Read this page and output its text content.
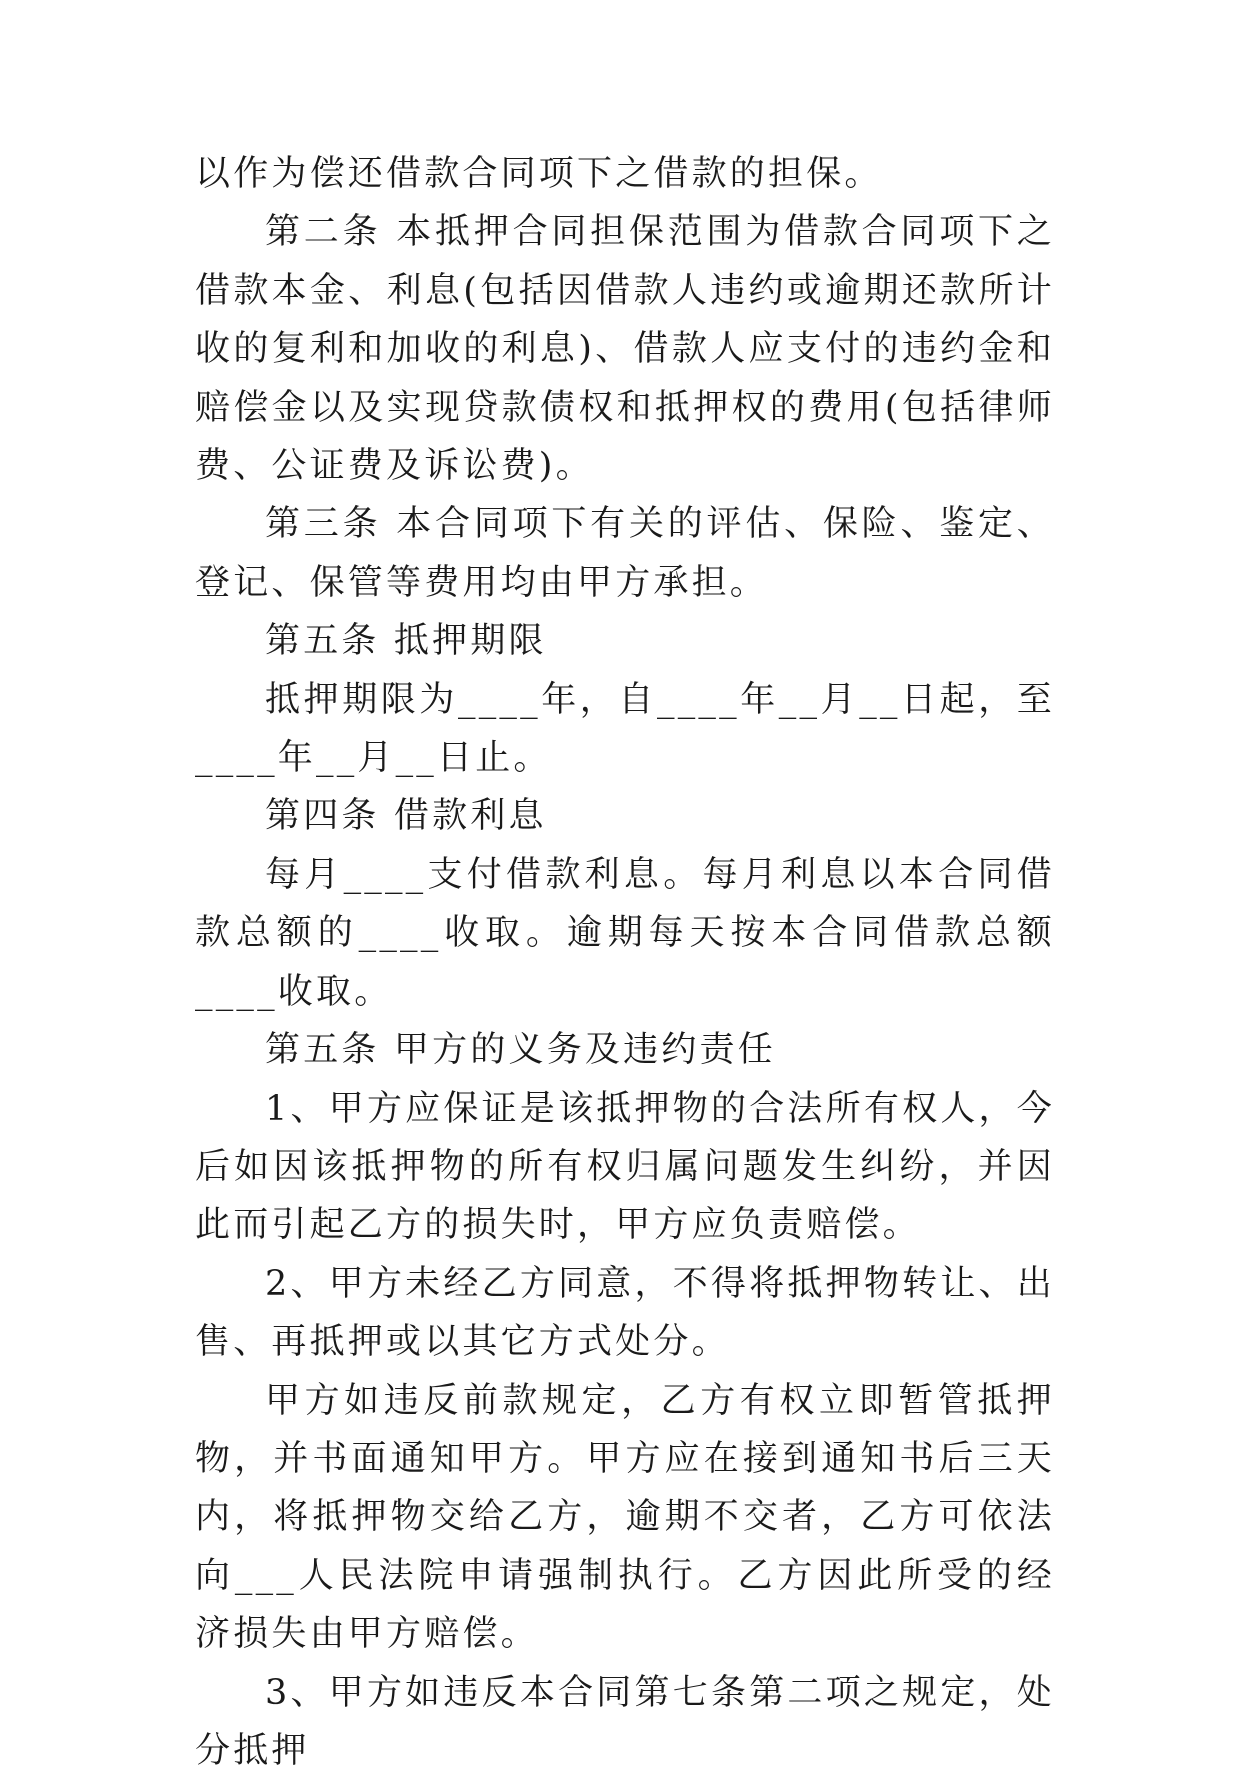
以作为偿还借款合同项下之借款的担保。

第二条 本抵押合同担保范围为借款合同项下之借款本金、利息(包括因借款人违约或逾期还款所计收的复利和加收的利息)、借款人应支付的违约金和赔偿金以及实现贷款债权和抵押权的费用(包括律师费、公证费及诉讼费)。

第三条 本合同项下有关的评估、保险、鉴定、登记、保管等费用均由甲方承担。

第五条 抵押期限

抵押期限为____年，自____年__月__日起，至____年__月__日止。

第四条 借款利息

每月____支付借款利息。每月利息以本合同借款总额的____收取。逾期每天按本合同借款总额____收取。

第五条 甲方的义务及违约责任

1、甲方应保证是该抵押物的合法所有权人，今后如因该抵押物的所有权归属问题发生纠纷，并因此而引起乙方的损失时，甲方应负责赔偿。

2、甲方未经乙方同意，不得将抵押物转让、出售、再抵押或以其它方式处分。

甲方如违反前款规定，乙方有权立即暂管抵押物，并书面通知甲方。甲方应在接到通知书后三天内，将抵押物交给乙方，逾期不交者，乙方可依法向___人民法院申请强制执行。乙方因此所受的经济损失由甲方赔偿。

3、甲方如违反本合同第七条第二项之规定，处分抵押
